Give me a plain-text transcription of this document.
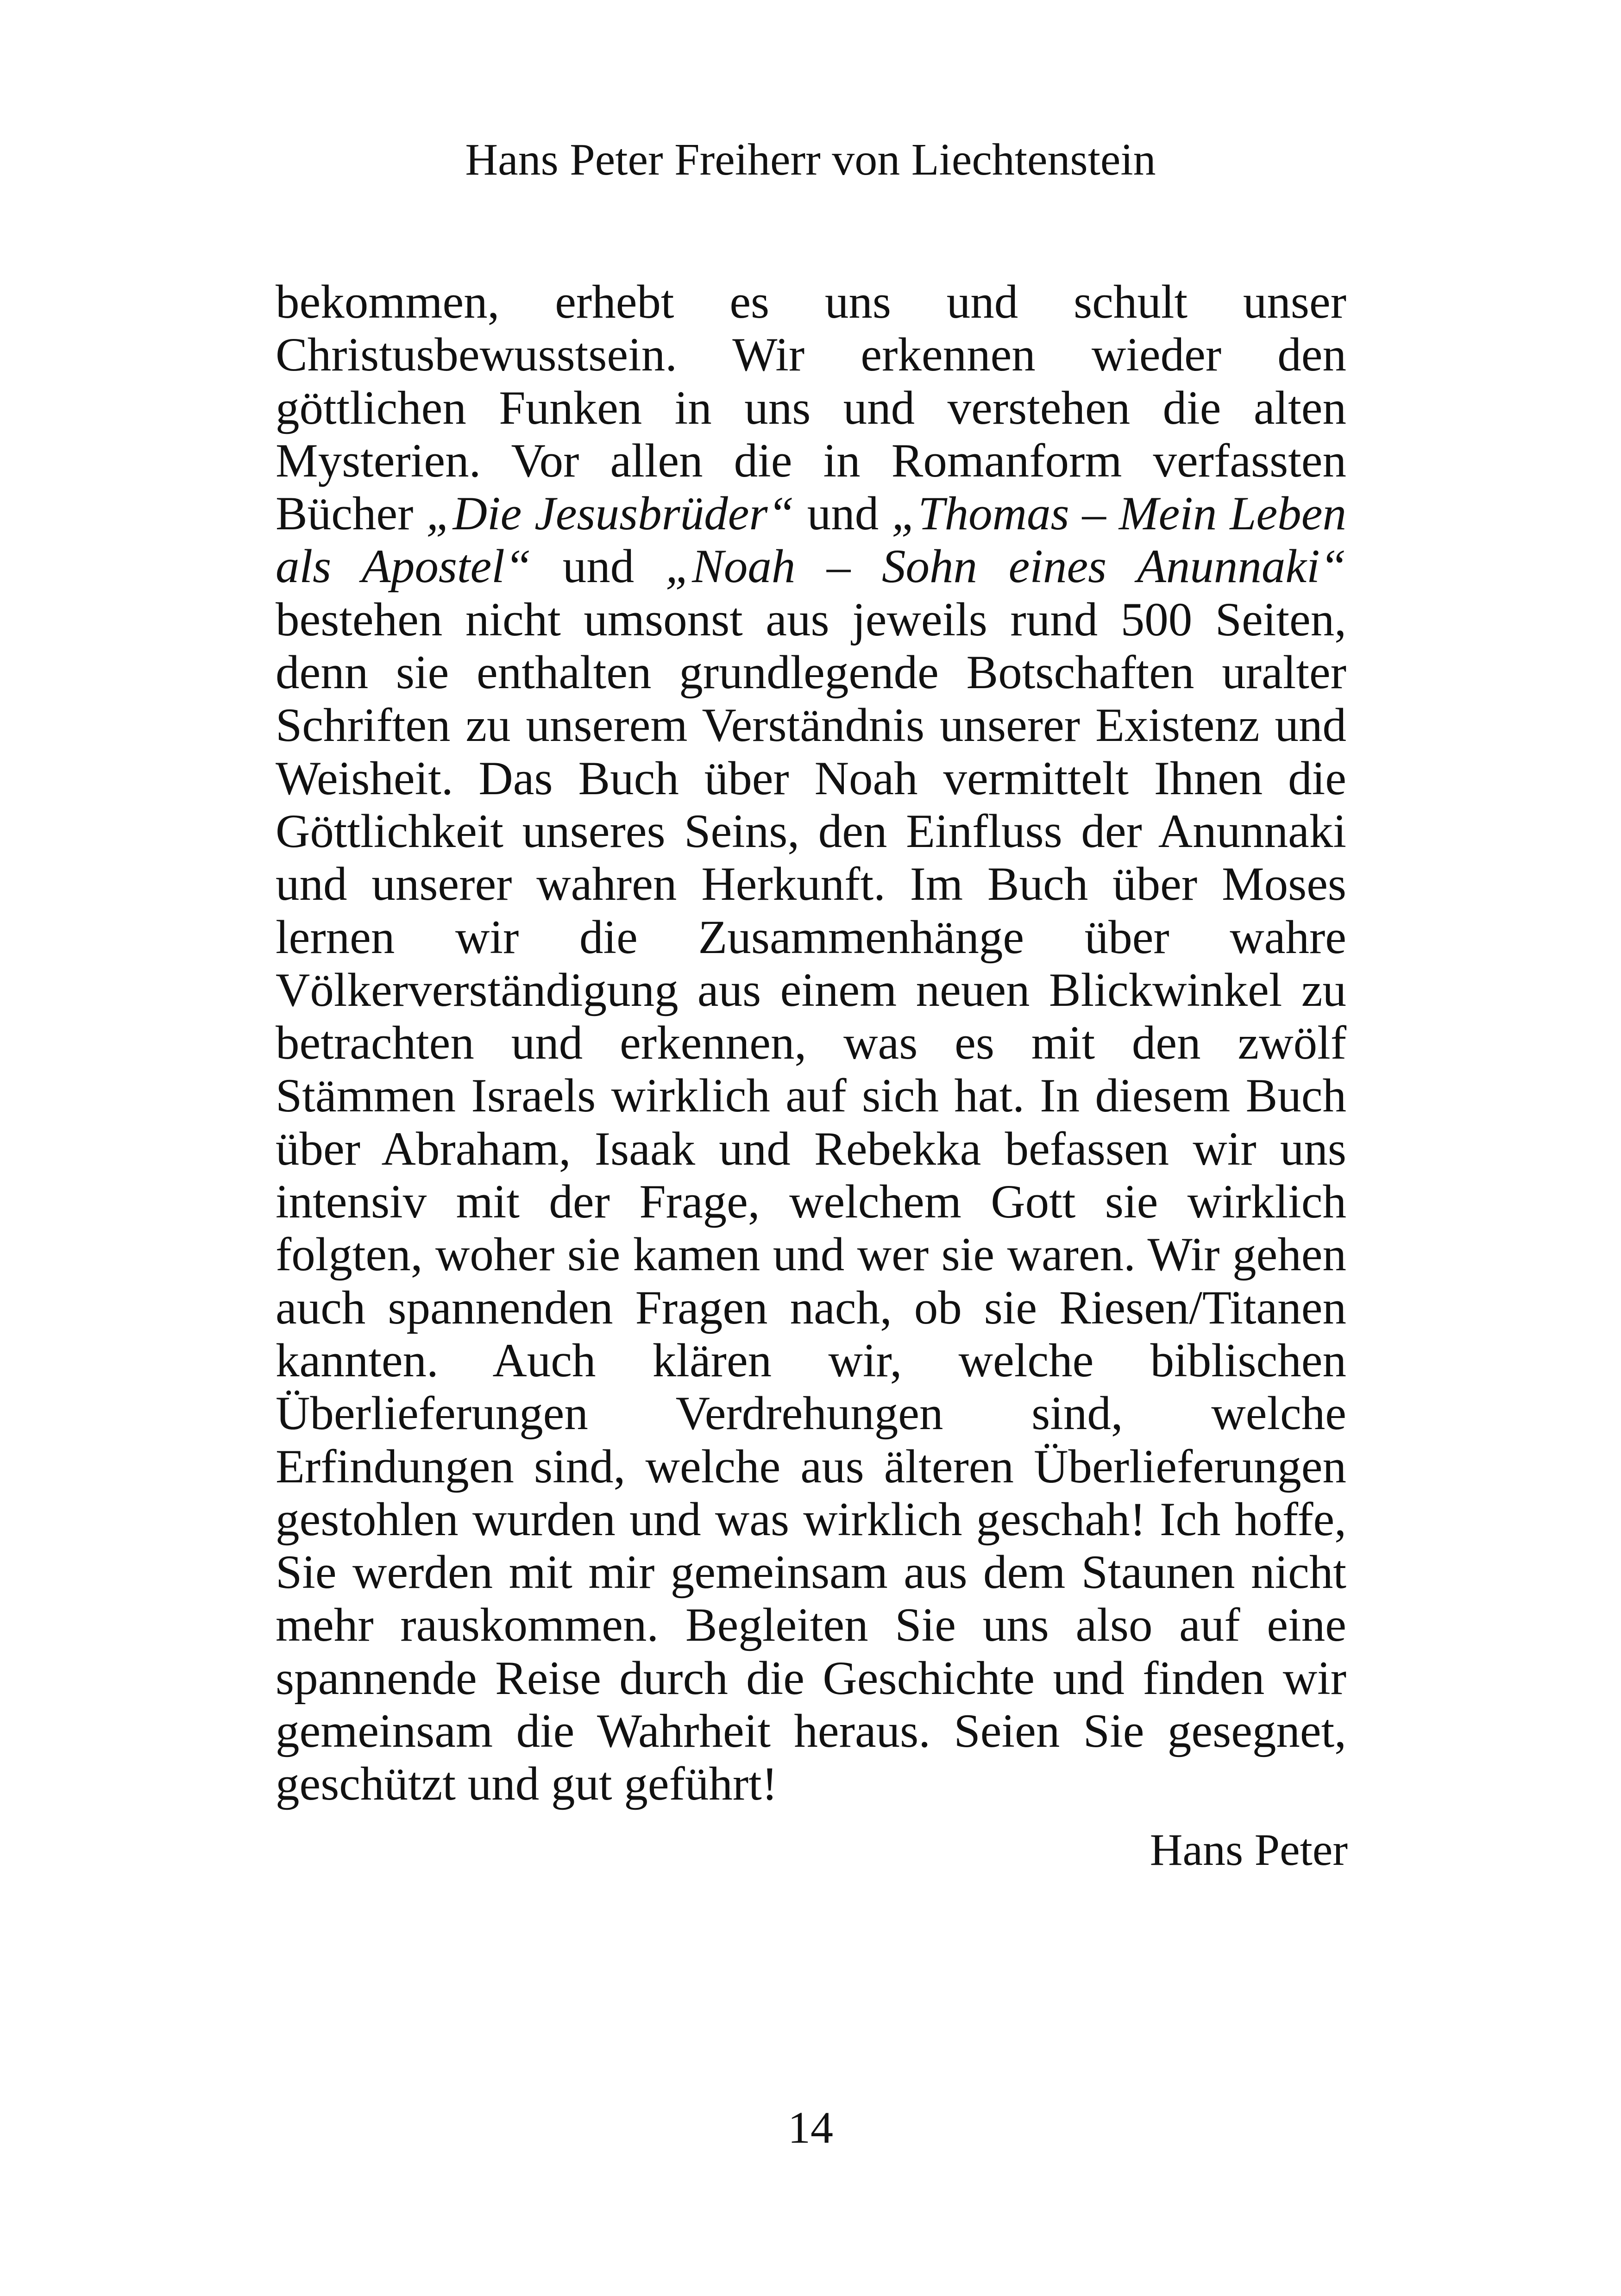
Hans Peter Freiherr von Liechtenstein

bekommen, erhebt es uns und schult unser Christusbewusstsein. Wir erkennen wieder den göttlichen Funken in uns und verstehen die alten Mysterien. Vor allen die in Romanform verfassten Bücher „Die Jesusbrüder“ und „Thomas – Mein Leben als Apostel“ und „Noah – Sohn eines Anunnaki“ bestehen nicht umsonst aus jeweils rund 500 Seiten, denn sie enthalten grundlegende Botschaften uralter Schriften zu unserem Verständnis unserer Existenz und Weisheit. Das Buch über Noah vermittelt Ihnen die Göttlichkeit unseres Seins, den Einfluss der Anunnaki und unserer wahren Herkunft. Im Buch über Moses lernen wir die Zusammenhänge über wahre Völkerverständigung aus einem neuen Blickwinkel zu betrachten und erkennen, was es mit den zwölf Stämmen Israels wirklich auf sich hat. In diesem Buch über Abraham, Isaak und Rebekka befassen wir uns intensiv mit der Frage, welchem Gott sie wirklich folgten, woher sie kamen und wer sie waren. Wir gehen auch spannenden Fragen nach, ob sie Riesen/Titanen kannten. Auch klären wir, welche biblischen Überlieferungen Verdrehungen sind, welche Erfindungen sind, welche aus älteren Überlieferungen gestohlen wurden und was wirklich geschah! Ich hoffe, Sie werden mit mir gemeinsam aus dem Staunen nicht mehr rauskommen. Begleiten Sie uns also auf eine spannende Reise durch die Geschichte und finden wir gemeinsam die Wahrheit heraus. Seien Sie gesegnet, geschützt und gut geführt!

Hans Peter
14
